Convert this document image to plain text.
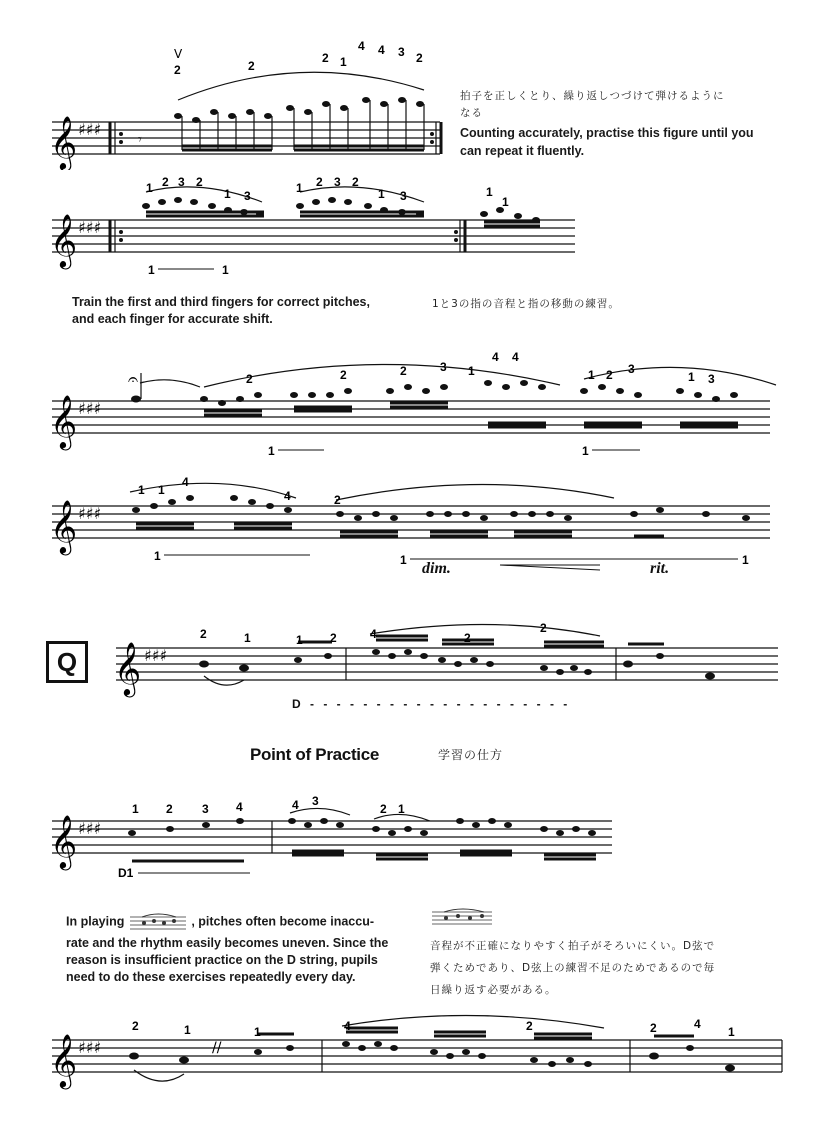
𝄞 ♯♯♯
𝄾
V
2	2
2 1
4 4 3 2
拍子を正しくとり、繰り返しつづけて弾けるように
なる
Counting accurately, practise this figure until you
can repeat it fluently.
𝄞 ♯♯♯
1 2 3 2
1 3
1 2 3 2
1 3	1
1
1	1
Train the first and third fingers for correct pitches,
and each finger for accurate shift.
1と3の指の音程と指の移動の練習。
𝄞 ♯♯♯
𝄐	2	2
3
2	1
4 4
1 2 3
1 3
1	1
𝄞 ♯♯♯
1 1
4
4	2
1	1	1
dim.	rit.
Q 𝄞 ♯♯♯
2	1	1 2	4	2
2
D - - - - - - - - - - - - - - - - - - - -
Point of Practice	学習の仕方
𝄞 ♯♯♯
1 2 3 4	4 3
2 1
D1
In playing	, pitches often become inaccu-
rate and the rhythm easily becomes uneven. Since the
reason is insufficient practice on the D string, pupils
need to do these exercises repeatedly every day.
音程が不正確になりやすく拍子がそろいにくい。D弦で
弾くためであり、D弦上の練習不足のためであるので毎
日繰り返す必要がある。
𝄞 ♯♯♯	//
2	1	1	4	2	2	4
1
